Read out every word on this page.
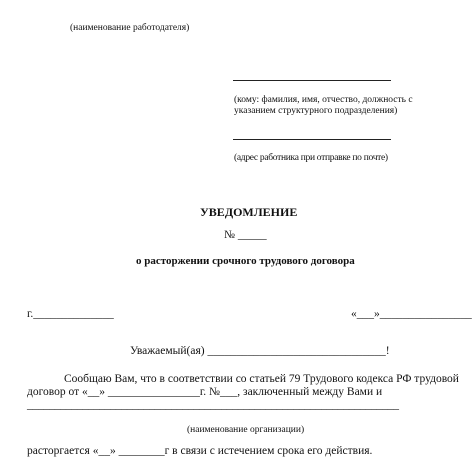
(наименование работодателя)
(кому: фамилия, имя, отчество, должность с
указанием структурного подразделения)
(адрес работника при отправке по почте)
УВЕДОМЛЕНИЕ
№ _____
о расторжении срочного трудового договора
г.______________	«___»________________
Уважаемый(ая) _______________________________!
Сообщаю Вам, что в соответствии со статьей 79 Трудового кодекса РФ трудовой
договор от «__» ________________г. №___, заключенный между Вами и
___________________________________________________________________
(наименование организации)
расторгается «__» ________г в связи с истечением срока его действия.
